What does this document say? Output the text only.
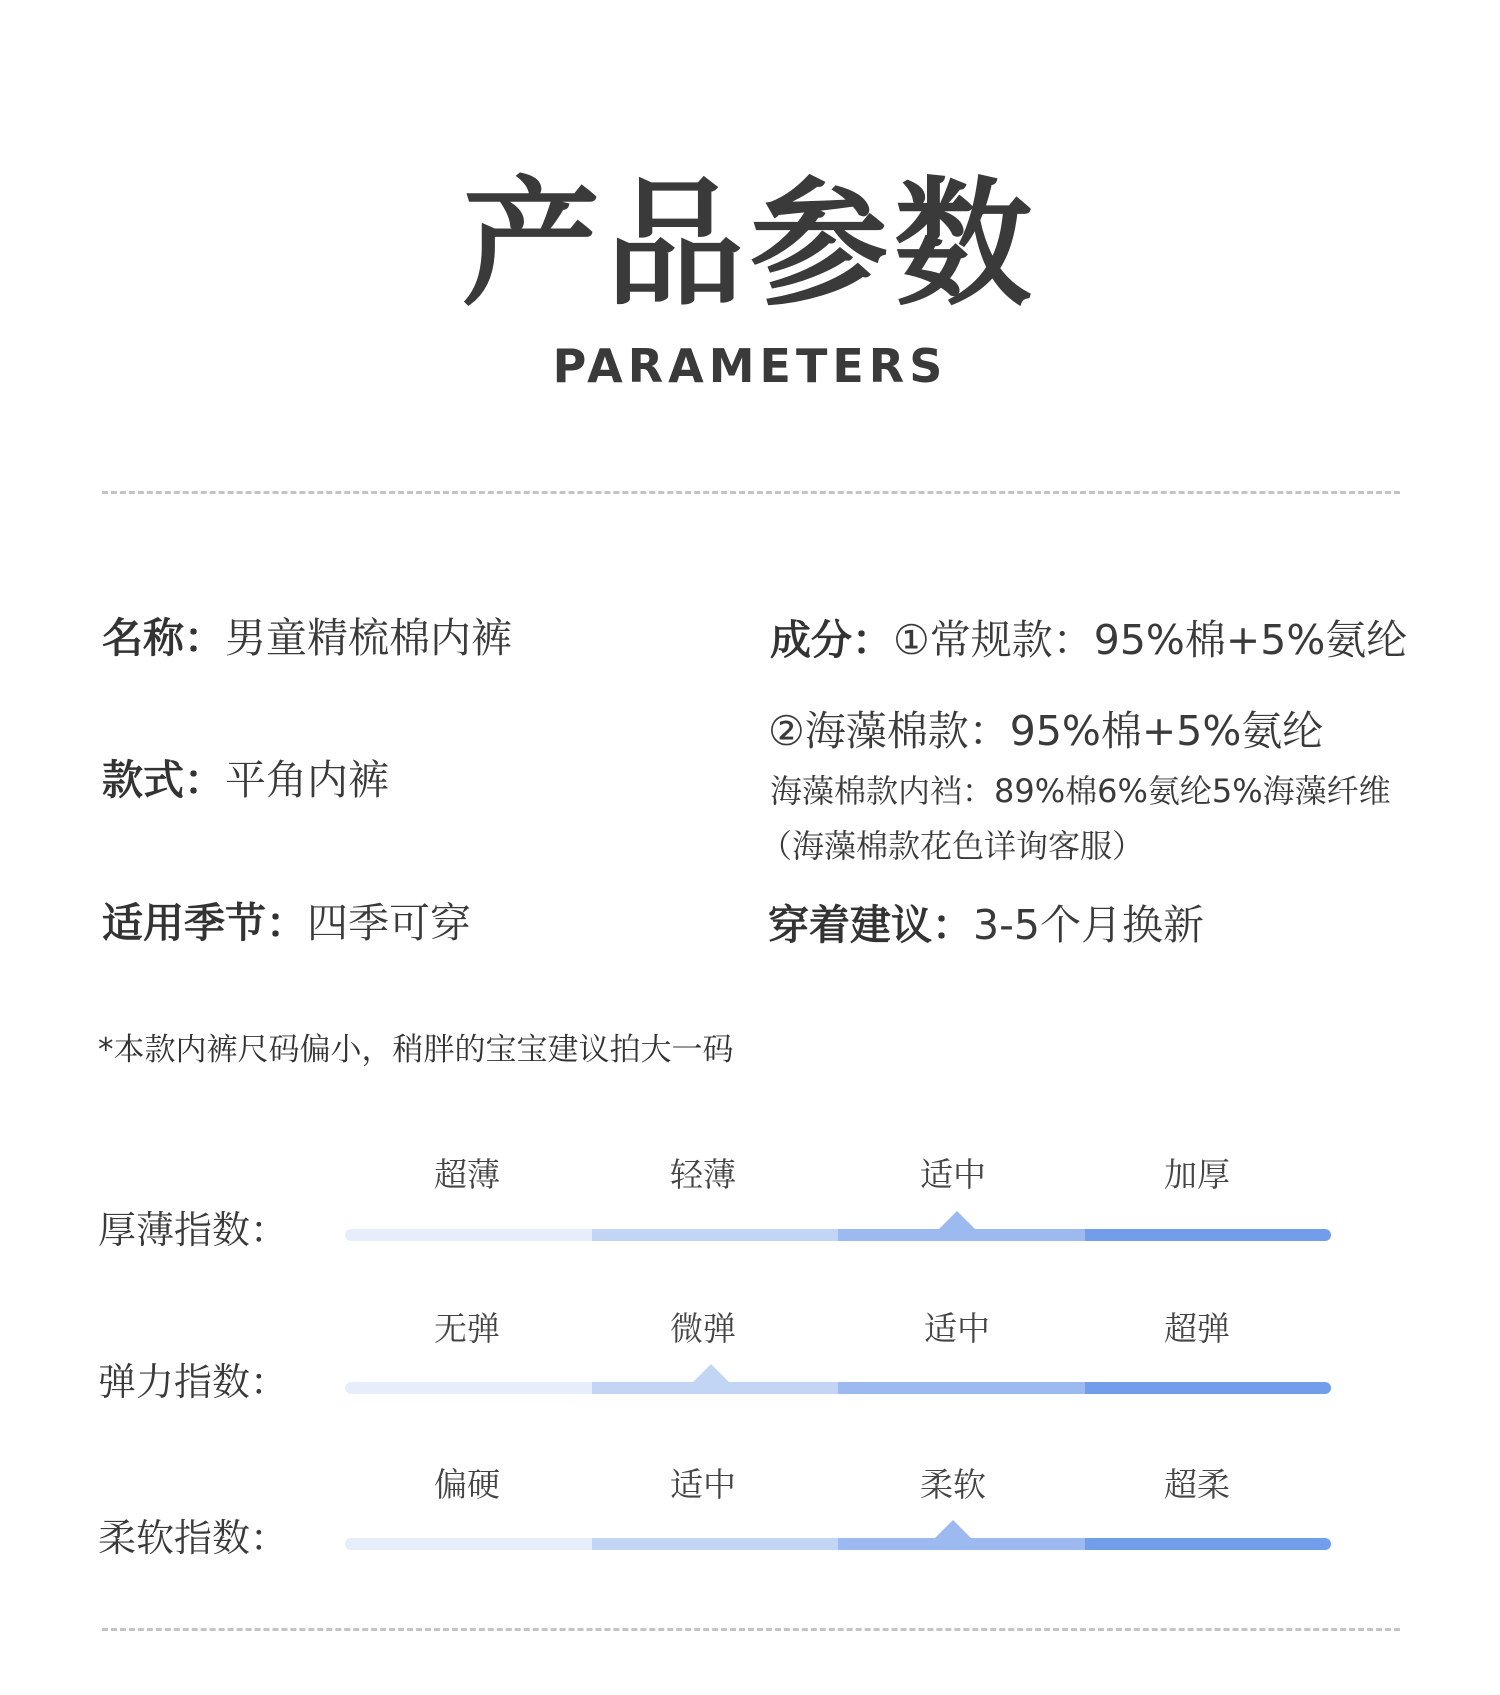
产品参数
PARAMETERS
名称：男童精梳棉内裤
款式：平角内裤
适用季节：四季可穿
成分：①常规款：95%棉+5%氨纶
②海藻棉款：95%棉+5%氨纶
海藻棉款内裆：89%棉6%氨纶5%海藻纤维
（海藻棉款花色详询客服）
穿着建议：3-5个月换新
*本款内裤尺码偏小，稍胖的宝宝建议拍大一码
厚薄指数：
超薄	轻薄	适中	加厚
弹力指数：
无弹	微弹	适中	超弹
柔软指数：
偏硬	适中	柔软	超柔
